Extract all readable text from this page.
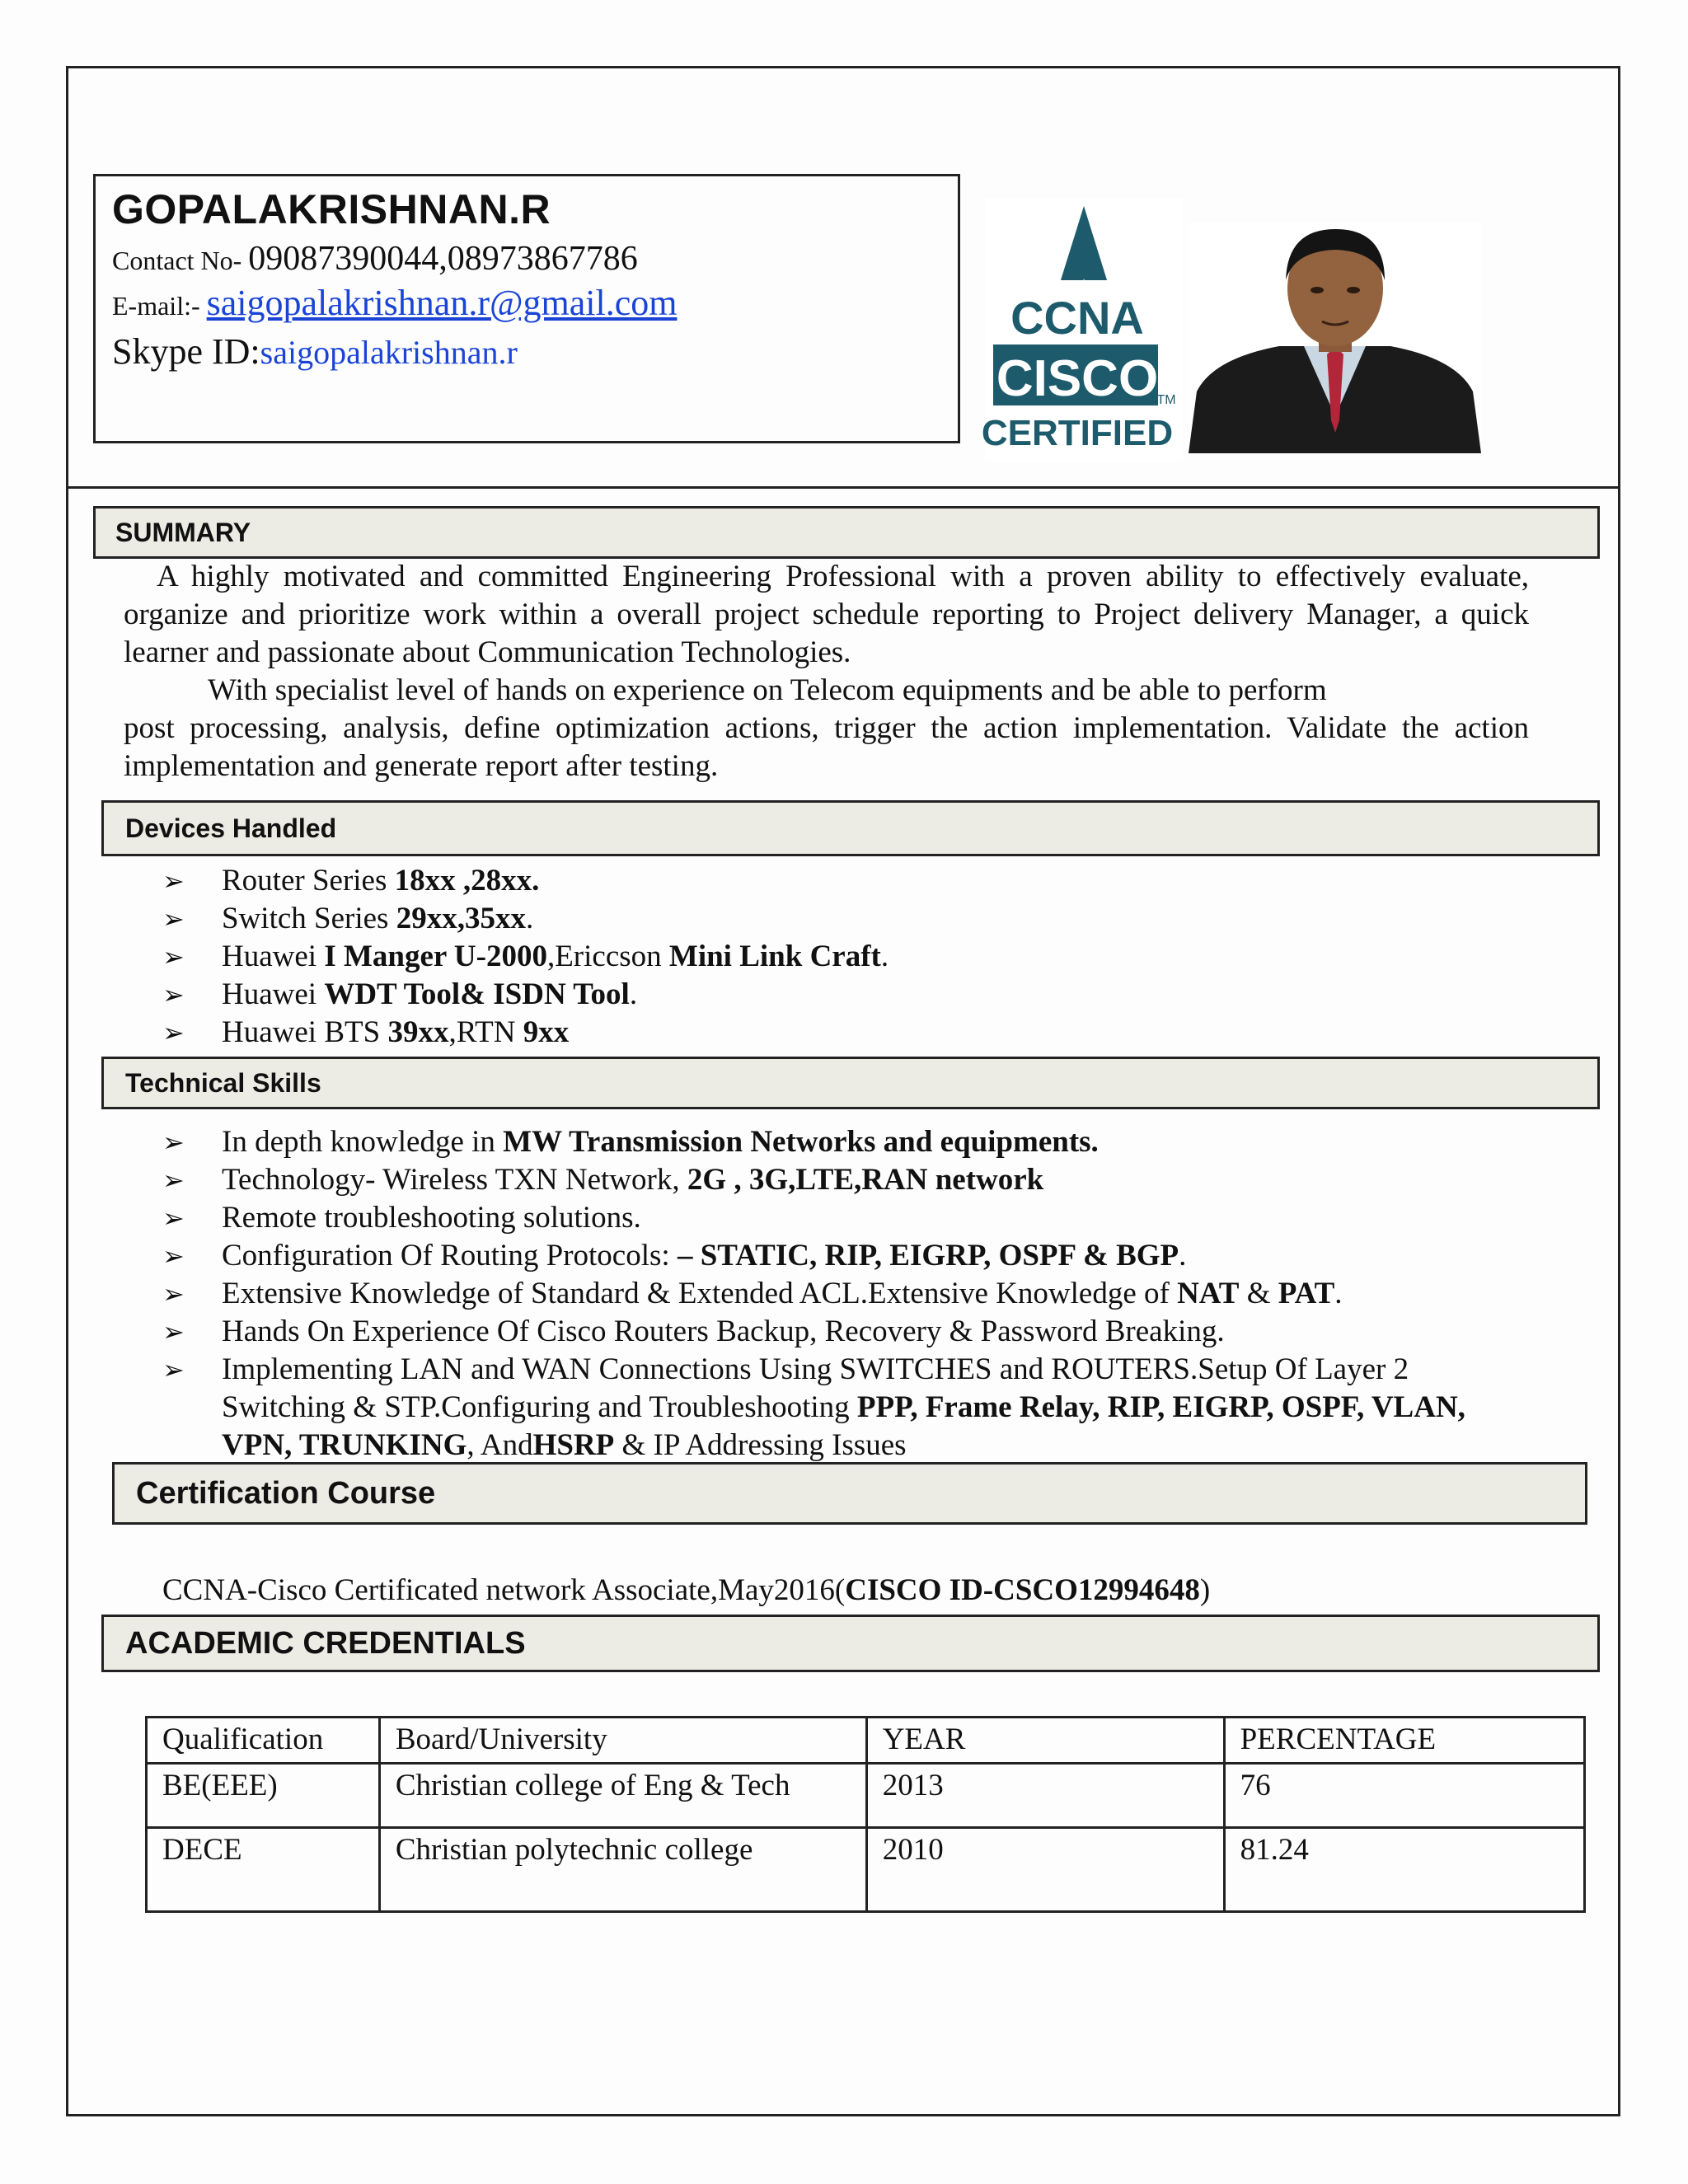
GOPALAKRISHNAN.R
Contact No- 09087390044,08973867786
E-mail:- saigopalakrishnan.r@gmail.com
Skype ID:saigopalakrishnan.r
CCNA
CISCO
CERTIFIED
TM
SUMMARY

A highly motivated and committed Engineering Professional with a proven ability to effectively evaluate, organize and prioritize work within a overall project schedule reporting to Project delivery Manager, a quick learner and passionate about Communication Technologies.

With specialist level of hands on experience on Telecom equipments and be able to perform

post processing, analysis, define optimization actions, trigger the action implementation. Validate the action implementation and generate report after testing.

Devices Handled
➢ Router Series 18xx ,28xx.
➢ Switch Series 29xx,35xx.
➢ Huawei I Manger U-2000,Ericcson Mini Link Craft.
➢ Huawei WDT Tool& ISDN Tool.
➢ Huawei BTS 39xx,RTN 9xx
Technical Skills
➢ In depth knowledge in MW Transmission Networks and equipments.
➢ Technology- Wireless TXN Network, 2G , 3G,LTE,RAN network
➢ Remote troubleshooting solutions.
➢ Configuration Of Routing Protocols: – STATIC, RIP, EIGRP, OSPF & BGP.
➢ Extensive Knowledge of Standard & Extended ACL.Extensive Knowledge of NAT & PAT.
➢ Hands On Experience Of Cisco Routers Backup, Recovery & Password Breaking.
➢ Implementing LAN and WAN Connections Using SWITCHES and ROUTERS.Setup Of Layer 2 Switching & STP.Configuring and Troubleshooting PPP, Frame Relay, RIP, EIGRP, OSPF, VLAN, VPN, TRUNKING, AndHSRP & IP Addressing Issues
Certification Course
CCNA-Cisco Certificated network Associate,May2016(CISCO ID-CSCO12994648)
ACADEMIC CREDENTIALS
Qualification	Board/University	YEAR	PERCENTAGE
BE(EEE)	Christian college of Eng & Tech	2013	76
DECE	Christian polytechnic college	2010	81.24
